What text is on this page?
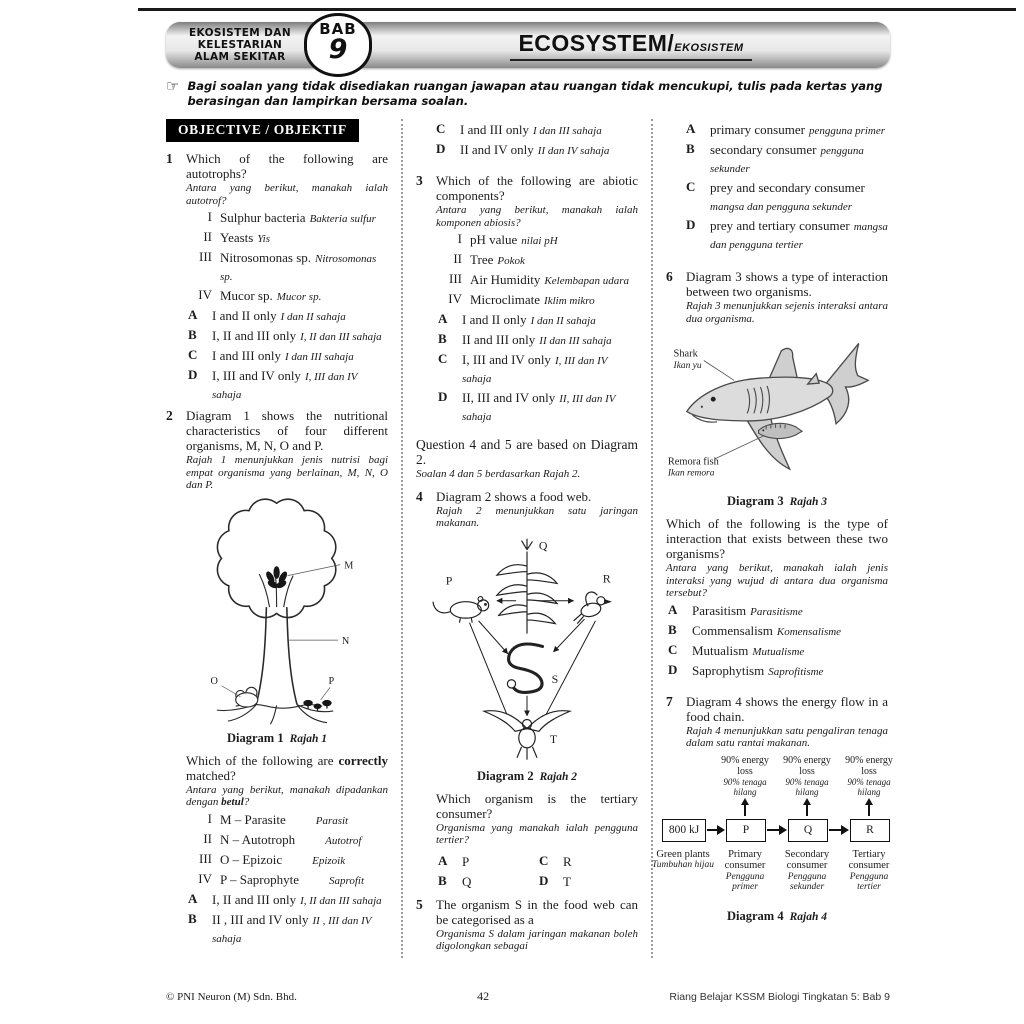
EKOSISTEM DAN
KELESTARIAN
ALAM SEKITAR
BAB
9	ECOSYSTEM/EKOSISTEM
☞ Bagi soalan yang tidak disediakan ruangan jawapan atau ruangan tidak mencukupi, tulis pada kertas yang berasingan dan lampirkan bersama soalan.
OBJECTIVE / OBJEKTIF
1	Which of the following are autotrophs?
Antara yang berikut, manakah ialah autotrof?
I Sulphur bacteria Bakteria sulfur
II Yeasts Yis
III Nitrosomonas sp. Nitrosomonas sp.
IV Mucor sp. Mucor sp.
A	I and II only I dan II sahaja
B	I, II and III only I, II dan III sahaja
C	I and III only I dan III sahaja
D	I, III and IV only I, III dan IV sahaja
2	Diagram 1 shows the nutritional characteristics of four different organisms, M, N, O and P.
Rajah 1 menunjukkan jenis nutrisi bagi empat organisma yang berlainan, M, N, O dan P.
M
N
O	P
Diagram 1 Rajah 1
Which of the following are correctly matched?
Antara yang berikut, manakah dipadankan dengan betul?
I M – Parasite	Parasit
II N – Autotroph	Autotrof
III O – Epizoic	Epizoik
IV P – Saprophyte	Saprofit
A	I, II and III only I, II dan III sahaja
B	II , III and IV only II , III dan IV sahaja
C	I and III only I dan III sahaja
D	II and IV only II dan IV sahaja
3	Which of the following are abiotic components?
Antara yang berikut, manakah ialah komponen abiosis?
I pH value nilai pH
II Tree Pokok
III Air Humidity Kelembapan udara
IV Microclimate Iklim mikro
A	I and II only I dan II sahaja
B	II and III only II dan III sahaja
C	I, III and IV only I, III dan IV sahaja
D	II, III and IV only II, III dan IV sahaja
Question 4 and 5 are based on Diagram 2.
Soalan 4 dan 5 berdasarkan Rajah 2.
4	Diagram 2 shows a food web.
Rajah 2 menunjukkan satu jaringan makanan.
Q
P	R
S
T
Diagram 2 Rajah 2
Which organism is the tertiary consumer?
Organisma yang manakah ialah pengguna tertier?
A	P
B	Q
C	R
D	T
5	The organism S in the food web can be categorised as a
Organisma S dalam jaringan makanan boleh digolongkan sebagai
A	primary consumer pengguna primer
B	secondary consumer pengguna sekunder
C	prey and secondary consumer mangsa dan pengguna sekunder
D	prey and tertiary consumer mangsa dan pengguna tertier
6	Diagram 3 shows a type of interaction between two organisms.
Rajah 3 menunjukkan sejenis interaksi antara dua organisma.
Shark
Ikan yu
Remora fish
Ikan remora
Diagram 3 Rajah 3
Which of the following is the type of interaction that exists between these two organisms?
Antara yang berikut, manakah ialah jenis interaksi yang wujud di antara dua organisma tersebut?
A	Parasitism Parasitisme
B	Commensalism Komensalisme
C	Mutualism Mutualisme
D	Saprophytism Saprofitisme
7	Diagram 4 shows the energy flow in a food chain.
Rajah 4 menunjukkan satu pengaliran tenaga dalam satu rantai makanan.
90% energy loss
90% tenaga hilang
90% energy loss
90% tenaga hilang
90% energy loss
90% tenaga hilang
800 kJ	P	Q	R
Green plants
Tumbuhan hijau
Primary consumer
Pengguna primer
Secondary consumer
Pengguna sekunder
Tertiary consumer
Pengguna tertier
Diagram 4 Rajah 4
© PNI Neuron (M) Sdn. Bhd.	42	Riang Belajar KSSM Biologi Tingkatan 5: Bab 9
